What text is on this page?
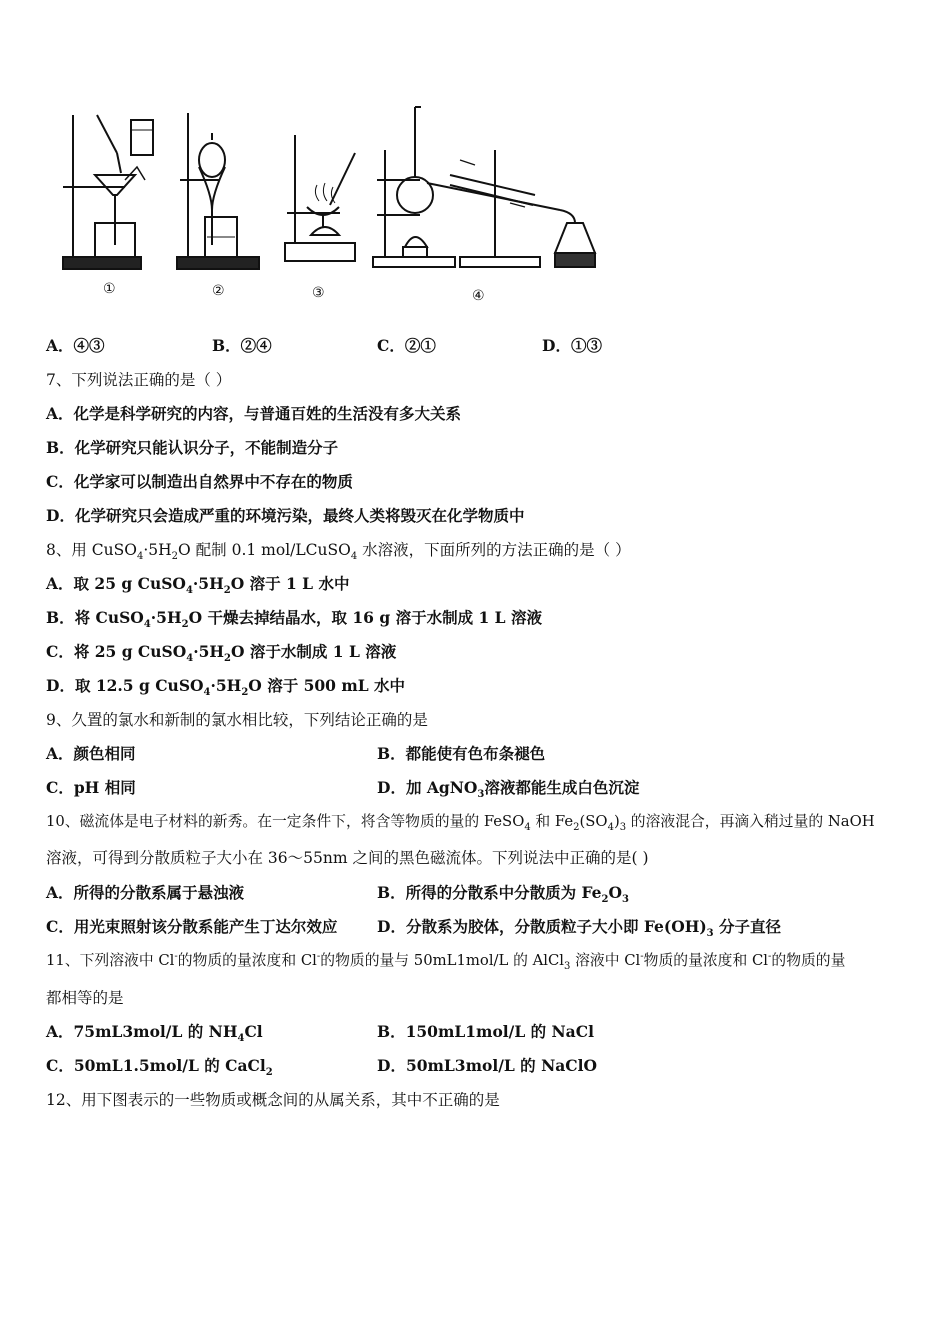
①	②	③	④
A．④③	B．②④	C．②①	D．①③
7、下列说法正确的是（ ）
A．化学是科学研究的内容，与普通百姓的生活没有多大关系
B．化学研究只能认识分子，不能制造分子
C．化学家可以制造出自然界中不存在的物质
D．化学研究只会造成严重的环境污染，最终人类将毁灭在化学物质中
8、用 $CuSO_4\cdot 5H_2O$ 配制 0.1 mol/LCuSO$_4$ 水溶液，下面所列的方法正确的是（ ）
A．取 25 g $CuSO_4\cdot 5H_2O$ 溶于 1 L 水中
B．将 $CuSO_4\cdot 5H_2O$ 干燥去掉结晶水，取 16 g 溶于水制成 1 L 溶液
C．将 25 g $CuSO_4\cdot 5H_2O$ 溶于水制成 1 L 溶液
D．取 12.5 g $CuSO_4\cdot 5H_2O$ 溶于 500 mL 水中
9、久置的氯水和新制的氯水相比较，下列结论正确的是
A．颜色相同	B．都能使有色布条褪色
C．pH 相同	D．加 AgNO$_3$溶液都能生成白色沉淀
10、磁流体是电子材料的新秀。在一定条件下，将含等物质的量的 FeSO$_4$ 和 $Fe_2(SO_4)_3$ 的溶液混合，再滴入稍过量的 NaOH
溶液，可得到分散质粒子大小在 36～55nm 之间的黑色磁流体。下列说法中正确的是( )
A．所得的分散系属于悬浊液	B．所得的分散系中分散质为 $Fe_2O_3$
C．用光束照射该分散系能产生丁达尔效应	D．分散系为胶体，分散质粒子大小即 $Fe(OH)_3$ 分子直径
11、下列溶液中 Cl-的物质的量浓度和 Cl-的物质的量与 50mL1mol/L 的 AlCl$_3$ 溶液中 Cl-物质的量浓度和 Cl-的物质的量
都相等的是
A．75mL3mol/L 的 $NH_4Cl$	B．150mL1mol/L 的 NaCl
C．50mL1.5mol/L 的 CaCl$_2$	D．50mL3mol/L 的 NaClO
12、用下图表示的一些物质或概念间的从属关系，其中不正确的是
